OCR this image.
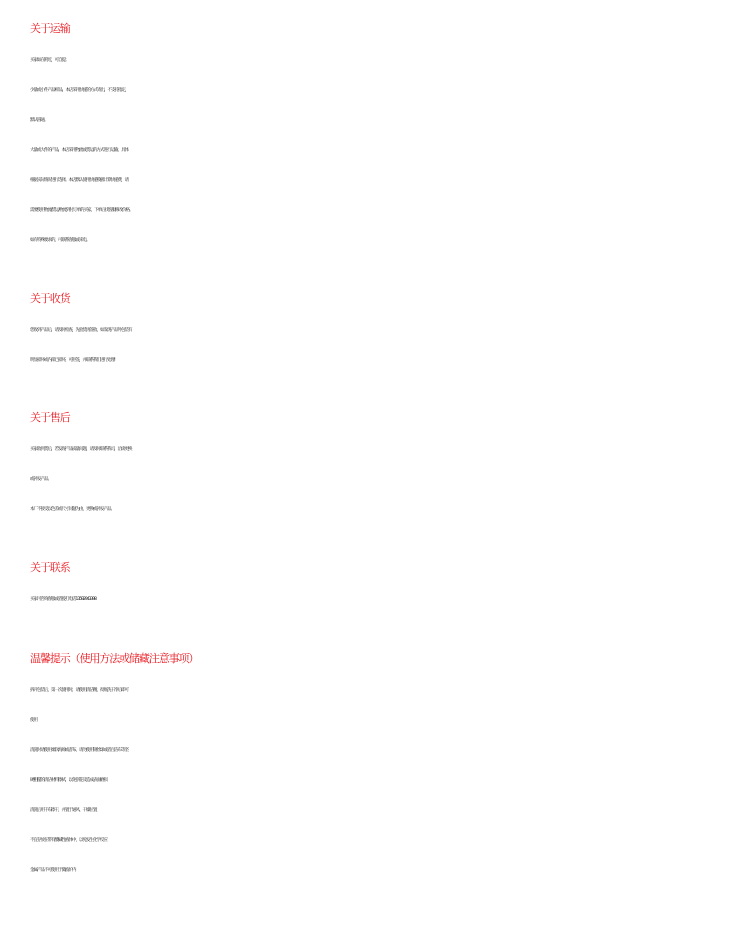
关于运输
买家如在附近，可自提；
少量或小件产品/样品，本店采用快递的方式寄出，不支持指定，
默认圆通。
大量或大件的产品，本店采用物流或货运的方式进行运输，具体
根据实际情况进行选择。本店默认使用快递模板计算快递费，请
需要使用物流/货运/物流到付订单的买家，下单后找客服修改价格。
如有特殊要求的，可联系客服或来电。
关于收货
您收到产品后，请及时检查，先验货再签收，如发现产品外包装有
明显损坏或内部已损坏，可拒签，并联系我们进行处理!
关于售后
买家收到货后，若发现产品质量问题，请及时联系我司，洽谈更换
或补发产品。
本厂不接受以色差或尺寸问题为由，更换或补发产品。
关于联系
买家可咨询客服或者拨打电话13592943398
温馨提示（使用方法或储藏注意事项）
拆开包装后，第一次使用时，请使用清洁精，彻底洗干净后即可
使用
清洗时请使用柔软海绵或者布，请勿使用钢丝球或者百洁布等坚
硬粗糙的清洁材料擦拭，以免刮花及造成表面磨损
清洗后用干布擦干，并置于通风、干燥位置
不宜存放在带有酸碱性液体中，以免发生化学反应
金属产品不可使用于微波炉内
